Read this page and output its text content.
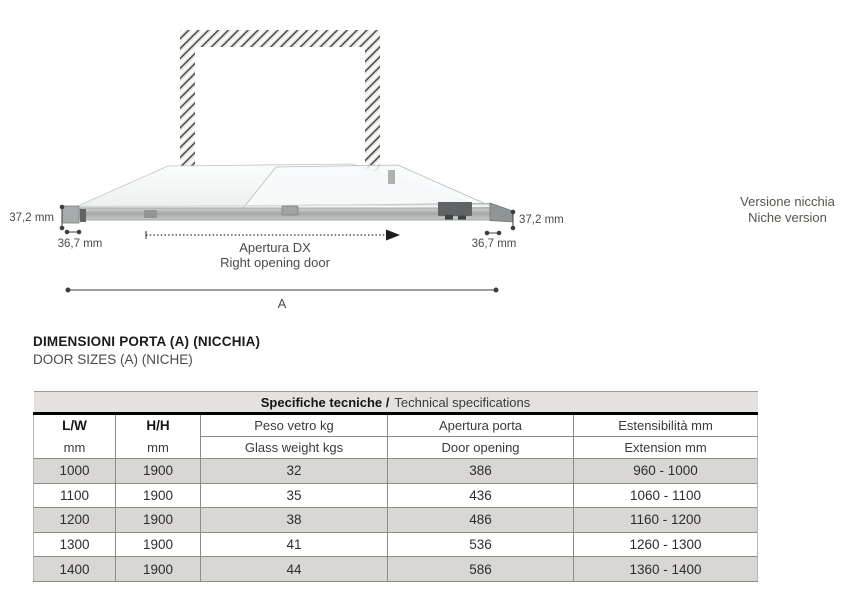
37,2 mm
36,7 mm
37,2 mm
36,7 mm
Apertura DX
Right opening door
A
Versione nicchia
Niche version
DIMENSIONI PORTA (A) (NICCHIA)
DOOR SIZES (A) (NICHE)
Specifiche tecniche / Technical specifications				
L/W	H/H	Peso vetro kg	Apertura porta	Estensibilità mm
mm	mm	Glass weight kgs	Door opening	Extension mm
1000	1900	32	386	960 - 1000
1100	1900	35	436	1060 - 1100
1200	1900	38	486	1160 - 1200
1300	1900	41	536	1260 - 1300
1400	1900	44	586	1360 - 1400
